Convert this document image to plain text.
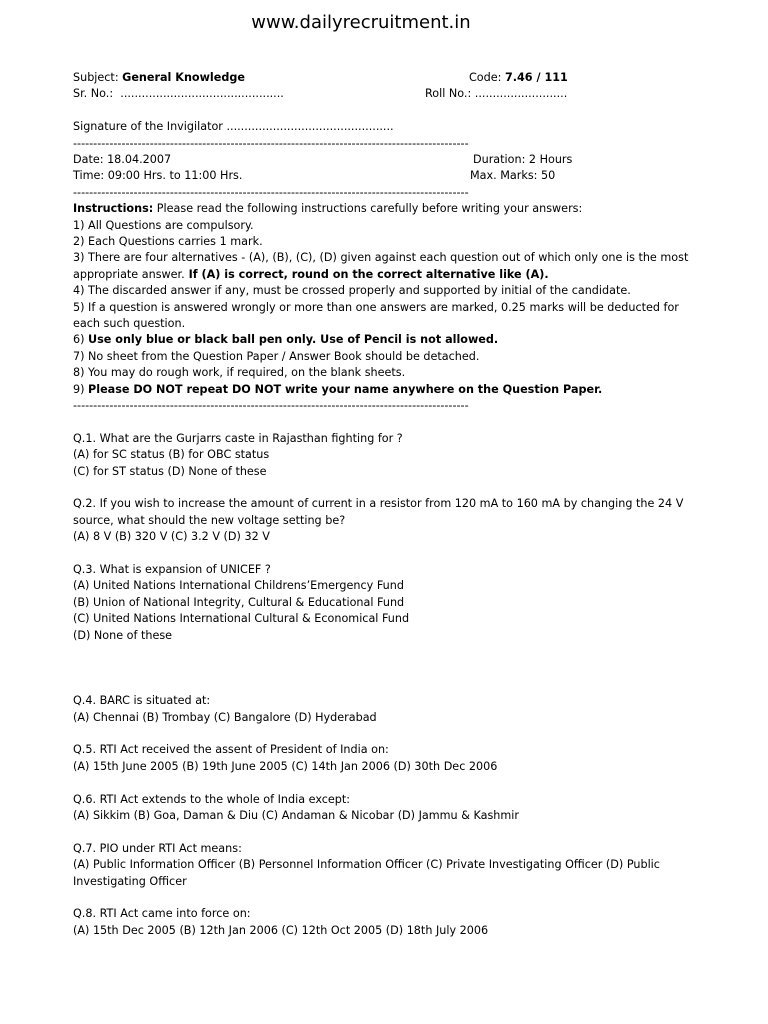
www.dailyrecruitment.in
Subject: General Knowledge	Code: 7.46 / 111
Sr. No.: ..............................................	Roll No.: ..........................
Signature of the Invigilator ...............................................
--------------------------------------------------------------------------------------------------
Date: 18.04.2007	Duration: 2 Hours
Time: 09:00 Hrs. to 11:00 Hrs.	Max. Marks: 50
--------------------------------------------------------------------------------------------------
Instructions: Please read the following instructions carefully before writing your answers:
1) All Questions are compulsory.
2) Each Questions carries 1 mark.
3) There are four alternatives - (A), (B), (C), (D) given against each question out of which only one is the most appropriate answer. If (A) is correct, round on the correct alternative like (A).
4) The discarded answer if any, must be crossed properly and supported by initial of the candidate.
5) If a question is answered wrongly or more than one answers are marked, 0.25 marks will be deducted for each such question.
6) Use only blue or black ball pen only. Use of Pencil is not allowed.
7) No sheet from the Question Paper / Answer Book should be detached.
8) You may do rough work, if required, on the blank sheets.
9) Please DO NOT repeat DO NOT write your name anywhere on the Question Paper.
--------------------------------------------------------------------------------------------------
Q.1. What are the Gurjarrs caste in Rajasthan fighting for ?
(A) for SC status (B) for OBC status
(C) for ST status (D) None of these
Q.2. If you wish to increase the amount of current in a resistor from 120 mA to 160 mA by changing the 24 V source, what should the new voltage setting be?
(A) 8 V (B) 320 V (C) 3.2 V (D) 32 V
Q.3. What is expansion of UNICEF ?
(A) United Nations International Childrens’Emergency Fund
(B) Union of National Integrity, Cultural & Educational Fund
(C) United Nations International Cultural & Economical Fund
(D) None of these
Q.4. BARC is situated at:
(A) Chennai (B) Trombay (C) Bangalore (D) Hyderabad
Q.5. RTI Act received the assent of President of India on:
(A) 15th June 2005 (B) 19th June 2005 (C) 14th Jan 2006 (D) 30th Dec 2006
Q.6. RTI Act extends to the whole of India except:
(A) Sikkim (B) Goa, Daman & Diu (C) Andaman & Nicobar (D) Jammu & Kashmir
Q.7. PIO under RTI Act means:
(A) Public Information Officer (B) Personnel Information Officer (C) Private Investigating Officer (D) Public Investigating Officer
Q.8. RTI Act came into force on:
(A) 15th Dec 2005 (B) 12th Jan 2006 (C) 12th Oct 2005 (D) 18th July 2006
